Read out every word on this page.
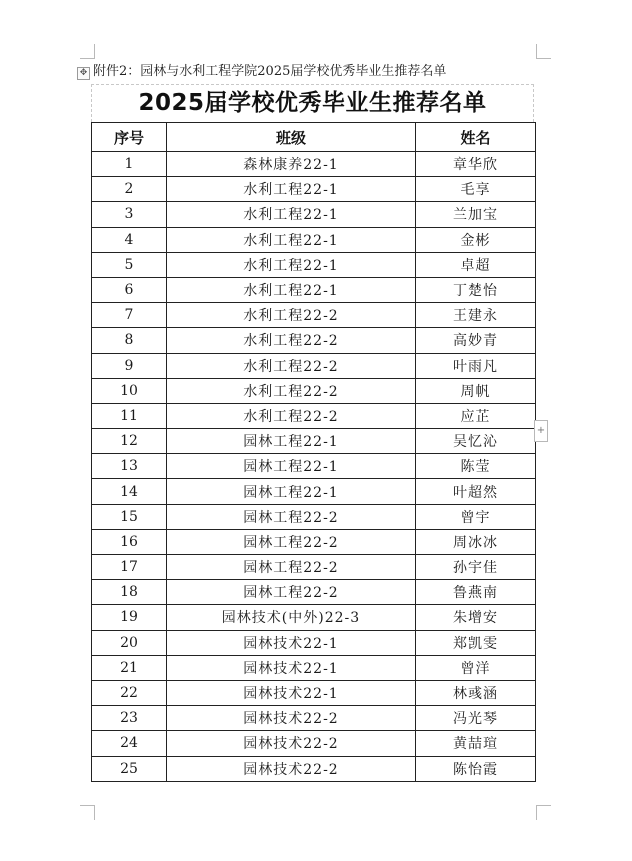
✥ 附件2：园林与水利工程学院2025届学校优秀毕业生推荐名单
2025届学校优秀毕业生推荐名单
序号	班级	姓名
1	森林康养22-1	章华欣
2	水利工程22-1	毛享
3	水利工程22-1	兰加宝
4	水利工程22-1	金彬
5	水利工程22-1	卓超
6	水利工程22-1	丁楚怡
7	水利工程22-2	王建永
8	水利工程22-2	高妙青
9	水利工程22-2	叶雨凡
10	水利工程22-2	周帆
11	水利工程22-2	应芷
12	园林工程22-1	吴忆沁
13	园林工程22-1	陈莹
14	园林工程22-1	叶超然
15	园林工程22-2	曾宇
16	园林工程22-2	周冰冰
17	园林工程22-2	孙宇佳
18	园林工程22-2	鲁燕南
19	园林技术(中外)22-3	朱增安
20	园林技术22-1	郑凯雯
21	园林技术22-1	曾洋
22	园林技术22-1	林彧涵
23	园林技术22-2	冯光琴
24	园林技术22-2	黄喆瑄
25	园林技术22-2	陈怡霞
+
